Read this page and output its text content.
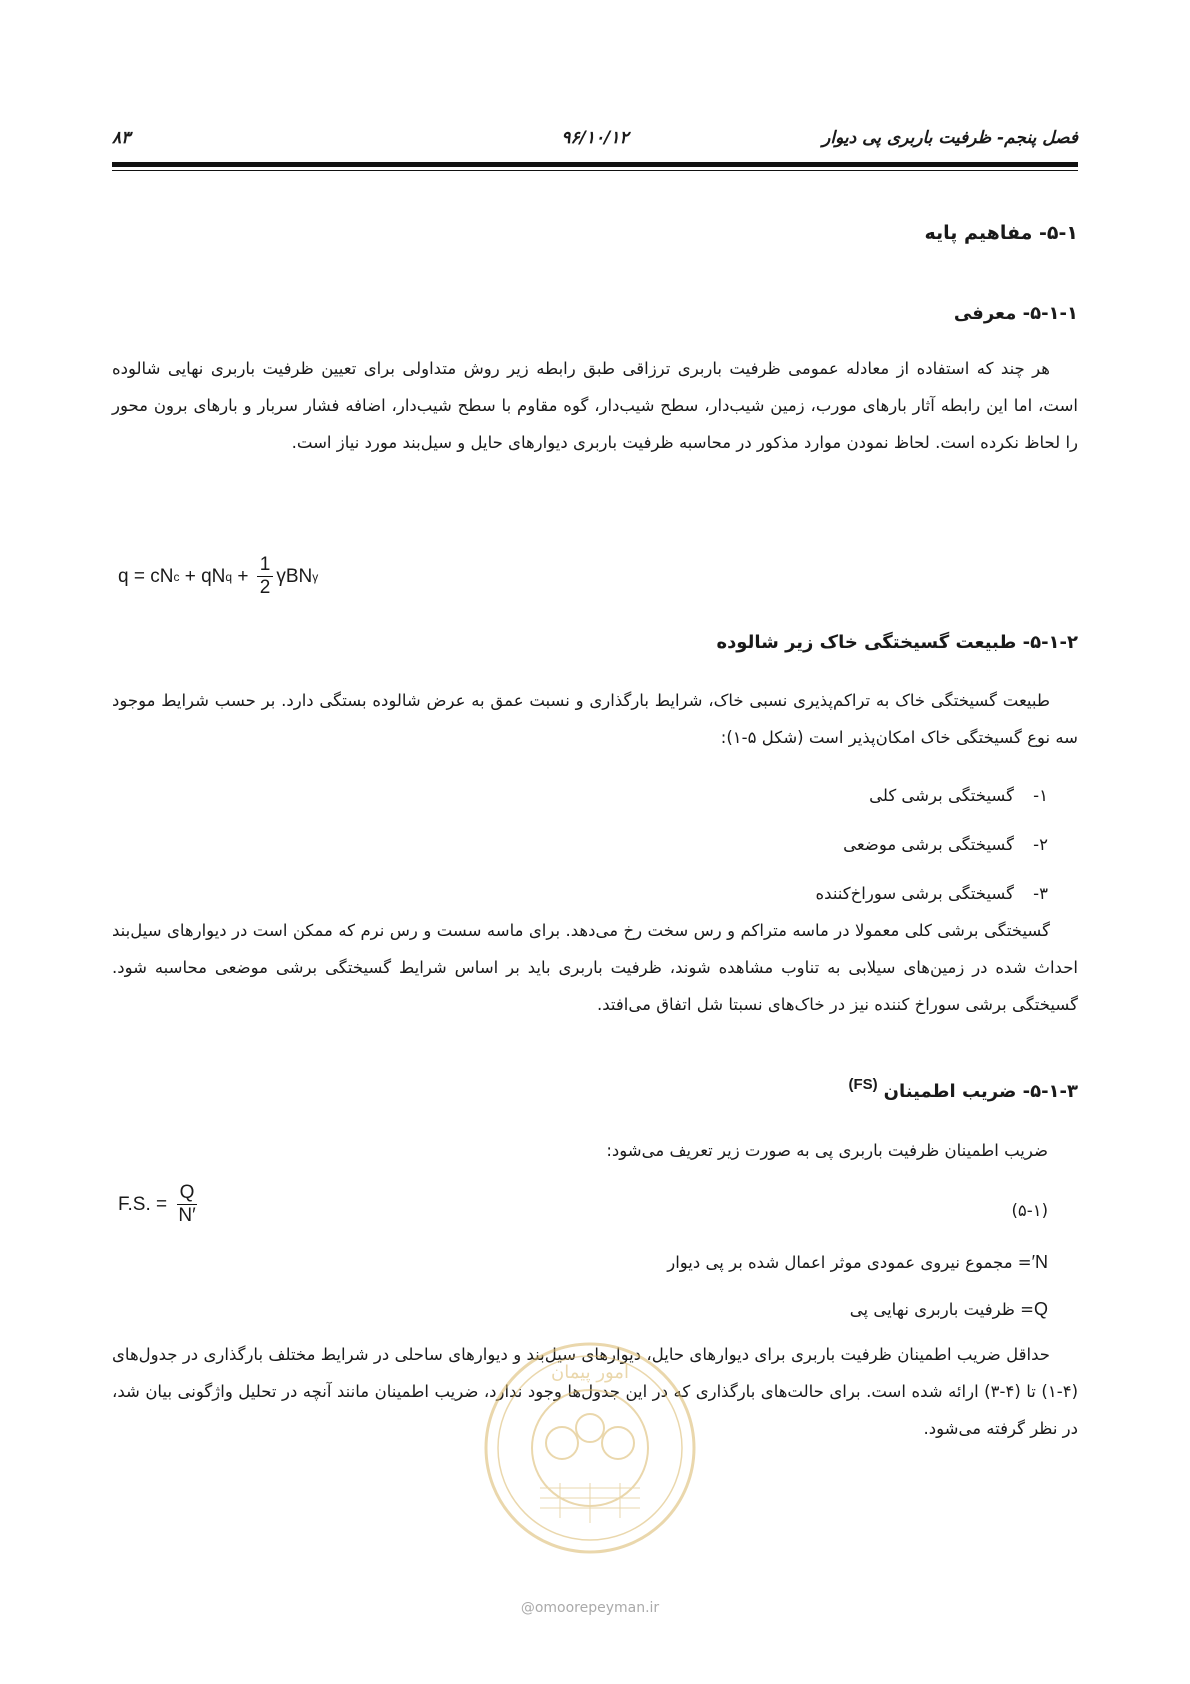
فصل پنجم- ظرفیت باربری پی دیوار
۹۶/۱۰/۱۲
۸۳
۵-۱- مفاهیم پایه
۵-۱-۱- معرفی
هر چند که استفاده از معادله عمومی ظرفیت باربری ترزاقی طبق رابطه زیر روش متداولی برای تعیین ظرفیت باربری نهایی شالوده است، اما این رابطه آثار بارهای مورب، زمین شیب‌دار، سطح شیب‌دار، گوه مقاوم با سطح شیب‌دار، اضافه فشار سربار و بارهای برون محور را لحاظ نکرده است. لحاظ نمودن موارد مذکور در محاسبه ظرفیت باربری دیوارهای حایل و سیل‌بند مورد نیاز است.
q = cN c + qN $q + \frac{1}{2}$ γBN γ
۵-۱-۲- طبیعت گسیختگی خاک زیر شالوده
طبیعت گسیختگی خاک به تراکم‌پذیری نسبی خاک، شرایط بارگذاری و نسبت عمق به عرض شالوده بستگی دارد. بر حسب شرایط موجود سه نوع گسیختگی خاک امکان‌پذیر است (شکل ۵-۱):
۱-گسیختگی برشی کلی
۲-گسیختگی برشی موضعی
۳-گسیختگی برشی سوراخ‌کننده
گسیختگی برشی کلی معمولا در ماسه متراکم و رس سخت رخ می‌دهد. برای ماسه سست و رس نرم که ممکن است در دیوارهای سیل‌بند احداث شده در زمین‌های سیلابی به تناوب مشاهده شوند، ظرفیت باربری باید بر اساس شرایط گسیختگی برشی موضعی محاسبه شود. گسیختگی برشی سوراخ کننده نیز در خاک‌های نسبتا شل اتفاق می‌افتد.
۵-۱-۳- ضریب اطمینان$^{(FS)}$
ضریب اطمینان ظرفیت باربری پی به صورت زیر تعریف می‌شود:
F.S. = $\frac{Q}{N'}$	(۵-۱)
N′= مجموع نیروی عمودی موثر اعمال شده بر پی دیوار
Q= ظرفیت باربری نهایی پی
حداقل ضریب اطمینان ظرفیت باربری برای دیوارهای حایل، دیوارهای سیل‌بند و دیوارهای ساحلی در شرایط مختلف بارگذاری در جدول‌های (۴-۱) تا (۴-۳) ارائه شده است. برای حالت‌های بارگذاری که در این جدول‌ها وجود ندارد، ضریب اطمینان مانند آنچه در تحلیل واژگونی بیان شد، در نظر گرفته می‌شود.
امور پیمان
@omoorepeyman.ir
